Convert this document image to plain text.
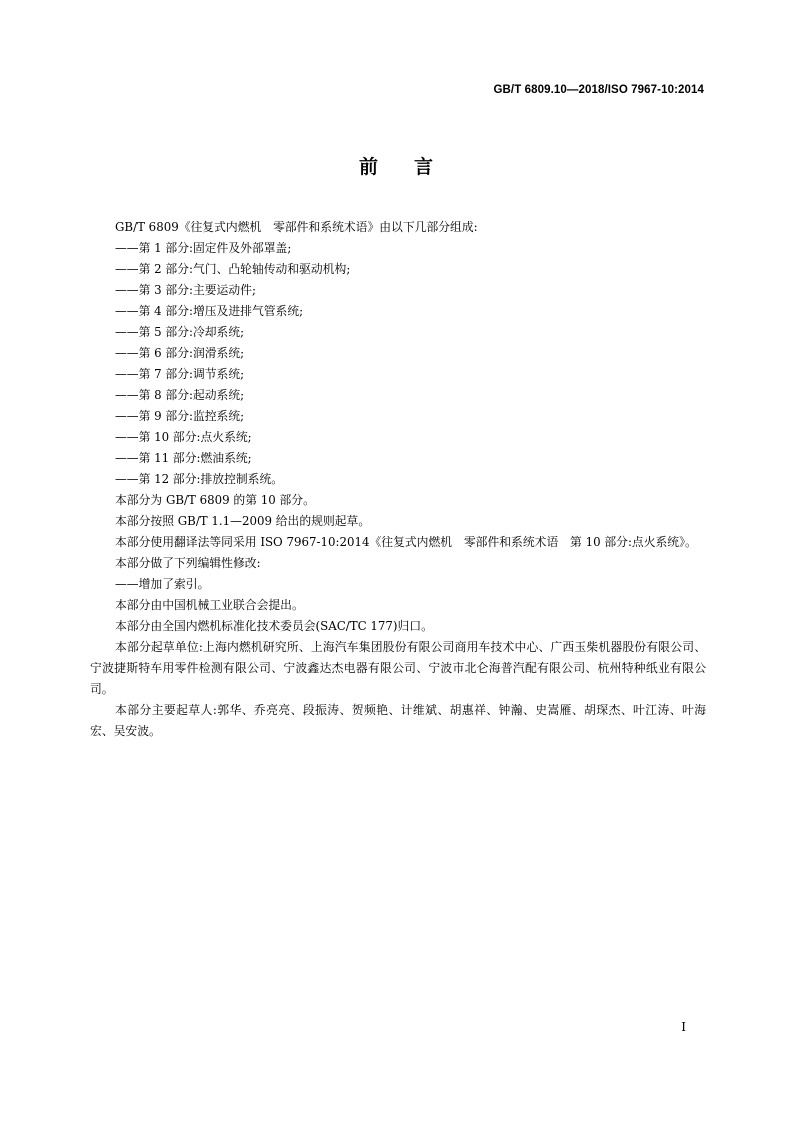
GB/T 6809.10—2018/ISO 7967-10:2014
前 言

GB/T 6809《往复式内燃机　零部件和系统术语》由以下几部分组成:

——第 1 部分:固定件及外部罩盖;

——第 2 部分:气门、凸轮轴传动和驱动机构;

——第 3 部分:主要运动件;

——第 4 部分:增压及进排气管系统;

——第 5 部分:冷却系统;

——第 6 部分:润滑系统;

——第 7 部分:调节系统;

——第 8 部分:起动系统;

——第 9 部分:监控系统;

——第 10 部分:点火系统;

——第 11 部分:燃油系统;

——第 12 部分:排放控制系统。

本部分为 GB/T 6809 的第 10 部分。

本部分按照 GB/T 1.1—2009 给出的规则起草。

本部分使用翻译法等同采用 ISO 7967-10:2014《往复式内燃机　零部件和系统术语　第 10 部分:点火系统》。

本部分做了下列编辑性修改:

——增加了索引。

本部分由中国机械工业联合会提出。

本部分由全国内燃机标准化技术委员会(SAC/TC 177)归口。

本部分起草单位:上海内燃机研究所、上海汽车集团股份有限公司商用车技术中心、广西玉柴机器股份有限公司、宁波捷斯特车用零件检测有限公司、宁波鑫达杰电器有限公司、宁波市北仑海普汽配有限公司、杭州特种纸业有限公司。

本部分主要起草人:郭华、乔亮亮、段振涛、贺频艳、计维斌、胡惠祥、钟瀚、史嵩雁、胡琛杰、叶江涛、叶海宏、吴安波。

I
